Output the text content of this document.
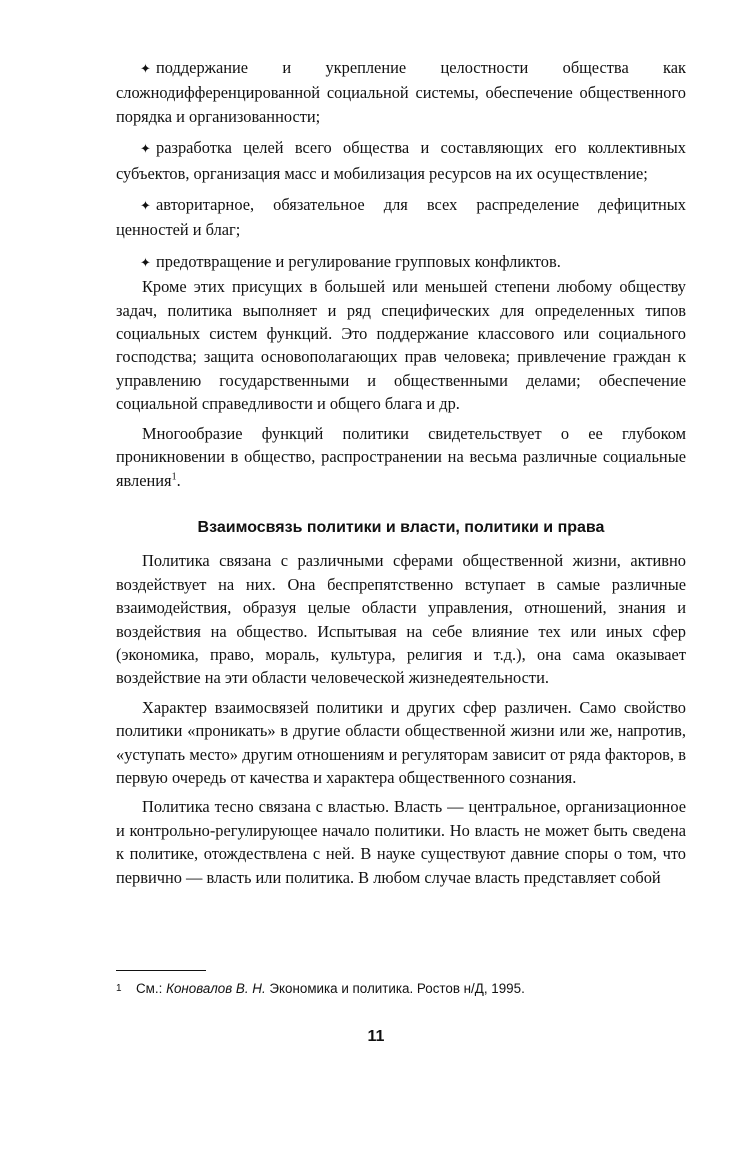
✦ поддержание и укрепление целостности общества как сложнодифференцированной социальной системы, обеспечение общественного порядка и организованности;
✦ разработка целей всего общества и составляющих его коллективных субъектов, организация масс и мобилизация ресурсов на их осуществление;
✦ авторитарное, обязательное для всех распределение дефицитных ценностей и благ;
✦ предотвращение и регулирование групповых конфликтов.

Кроме этих присущих в большей или меньшей степени любому обществу задач, политика выполняет и ряд специфических для определенных типов социальных систем функций. Это поддержание классового или социального господства; защита основополагающих прав человека; привлечение граждан к управлению государственными и общественными делами; обеспечение социальной справедливости и общего блага и др.

Многообразие функций политики свидетельствует о ее глубоком проникновении в общество, распространении на весьма различные социальные явления$^1$.

Взаимосвязь политики и власти, политики и права

Политика связана с различными сферами общественной жизни, активно воздействует на них. Она беспрепятственно вступает в самые различные взаимодействия, образуя целые области управления, отношений, знания и воздействия на общество. Испытывая на себе влияние тех или иных сфер (экономика, право, мораль, культура, религия и т.д.), она сама оказывает воздействие на эти области человеческой жизнедеятельности.

Характер взаимосвязей политики и других сфер различен. Само свойство политики «проникать» в другие области общественной жизни или же, напротив, «уступать место» другим отношениям и регуляторам зависит от ряда факторов, в первую очередь от качества и характера общественного сознания.

Политика тесно связана с властью. Власть — центральное, организационное и контрольно-регулирующее начало политики. Но власть не может быть сведена к политике, отождествлена с ней. В науке существуют давние споры о том, что первично — власть или политика. В любом случае власть представляет собой

1 См.: Коновалов В. Н. Экономика и политика. Ростов н/Д, 1995.
11
